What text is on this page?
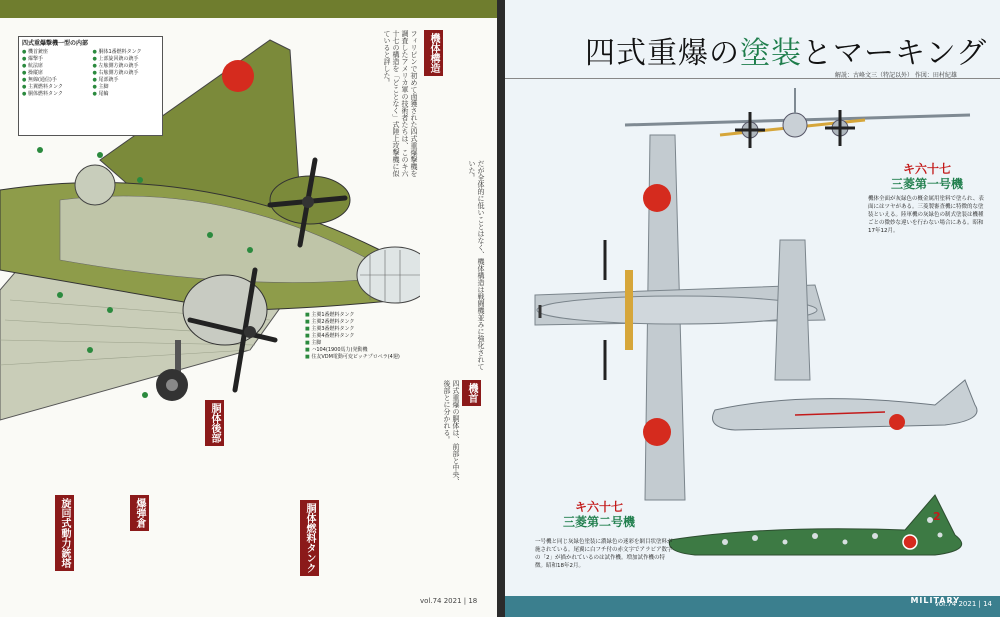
四式重爆撃機一型の内部
● 機首銃座
● 爆撃手
● 航法席
● 操縦席
● 無線(通信)手
● 主翼燃料タンク
● 胴体燃料タンク
● 胴体1番燃料タンク
● 上部旋回銃の銃手
● 左舷側方銃の銃手
● 右舷側方銃の銃手
● 尾部銃手
● 主脚
● 尾輪
機体構造
フィリピンで初めて鹵獲された四式重爆撃機を調査したアメリカ軍の技術者たちは、このキ六十七の構造を「どことなく」式陸上攻撃機に似ていると評した。
だが全体的に低いことはなく、機体構造は戦闘機並みに強化されていた。
機首
四式重爆の胴体は、前部と中央、後部とに分かれる。
胴体後部
胴体燃料タンク
爆弾倉
旋回式動力銃塔
■ 主翼1番燃料タンク
■ 主翼2番燃料タンク
■ 主翼3番燃料タンク
■ 主翼4番燃料タンク
■ 主脚
■ ハ104(1900馬力)発動機
■ 住友VDM電動可変ピッチプロペラ(4翅)
vol.74 2021 | 18
四式重爆の塗装とマーキング
解説：古峰文三（特記以外） 作図：田村紀雄
キ六十七
三菱第一号機
機体全面が灰緑色の概金属用塗料で塗られ、表面にはツヤがある。三菱製審査機に特徴的な塗装といえる。陸軍機の灰緑色の制式塗装は機種ごとの微妙な違いを行わない場合にある。昭和17年12月。
キ六十七
三菱第二号機
一号機と同じ灰緑色塗装に濃緑色の迷彩を網目状塗料が施されている。尾翼に白フチ付の赤文字でアラビア数字の「2」が描かれているのは試作機。増加試作機の特徴。昭和18年2月。
2
MILITARY
vol.74 2021 | 14
